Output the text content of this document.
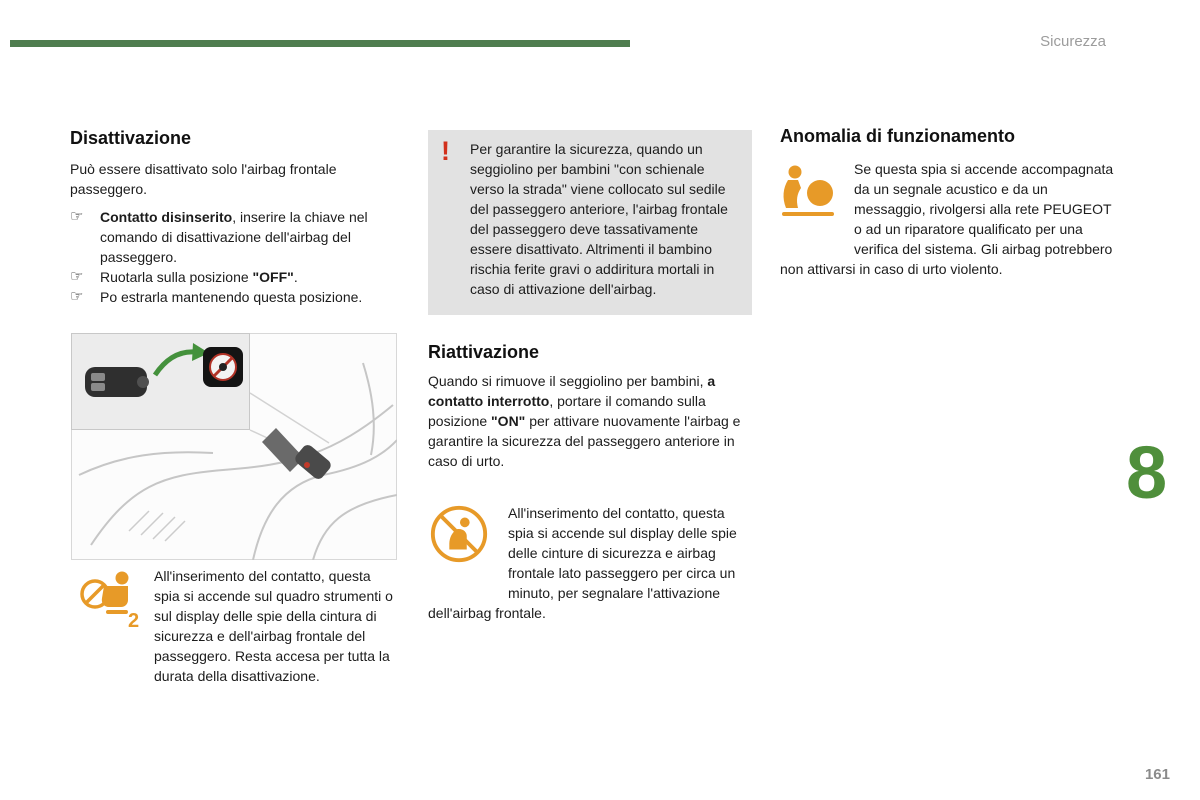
Sicurezza
Disattivazione

Può essere disattivato solo l'airbag frontale passeggero.

☞	Contatto disinserito, inserire la chiave nel comando di disattivazione dell'airbag del passeggero.
☞	Ruotarla sulla posizione "OFF".
☞	Po estrarla mantenendo questa posizione.
2

All'inserimento del contatto, questa spia si accende sul quadro strumenti o sul display delle spie della cintura di sicurezza e dell'airbag frontale del passeggero. Resta accesa per tutta la durata della disattivazione.

! Per garantire la sicurezza, quando un seggiolino per bambini "con schienale verso la strada" viene collocato sul sedile del passeggero anteriore, l'airbag frontale del passeggero deve tassativamente essere disattivato. Altrimenti il bambino rischia ferite gravi o addiritura mortali in caso di attivazione dell'airbag.

Riattivazione

Quando si rimuove il seggiolino per bambini, a contatto interrotto, portare il comando sulla posizione "ON" per attivare nuovamente l'airbag e garantire la sicurezza del passeggero anteriore in caso di urto.

All'inserimento del contatto, questa spia si accende sul display delle spie delle cinture di sicurezza e airbag frontale lato passeggero per circa un minuto, per segnalare l'attivazione dell'airbag frontale.

Anomalia di funzionamento

Se questa spia si accende accompagnata da un segnale acustico e da un messaggio, rivolgersi alla rete PEUGEOT o ad un riparatore qualificato per una verifica del sistema. Gli airbag potrebbero non attivarsi in caso di urto violento.

8
161
